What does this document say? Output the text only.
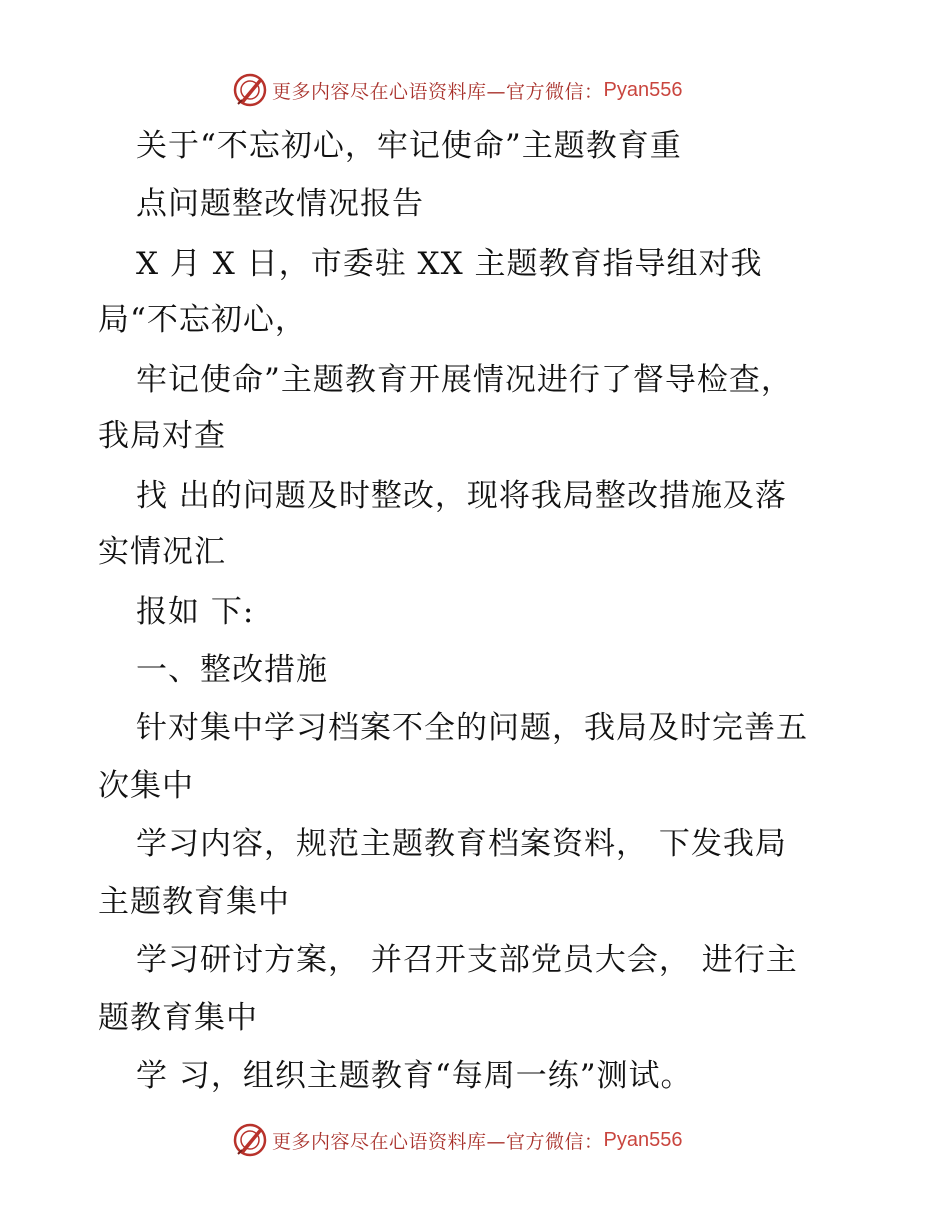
更多内容尽在心语资料库—官方微信： Pyan556
关于“不忘初心，牢记使命”主题教育重
点问题整改情况报告
X 月 X 日，市委驻 XX 主题教育指导组对我
局“不忘初心，
牢记使命”主题教育开展情况进行了督导检查，
我局对查
找 出的问题及时整改，现将我局整改措施及落
实情况汇
报如 下:
一、整改措施
针对集中学习档案不全的问题，我局及时完善五
次集中
学习内容，规范主题教育档案资料， 下发我局
主题教育集中
学习研讨方案， 并召开支部党员大会， 进行主
题教育集中
学 习，组织主题教育“每周一练”测试。
更多内容尽在心语资料库—官方微信： Pyan556
